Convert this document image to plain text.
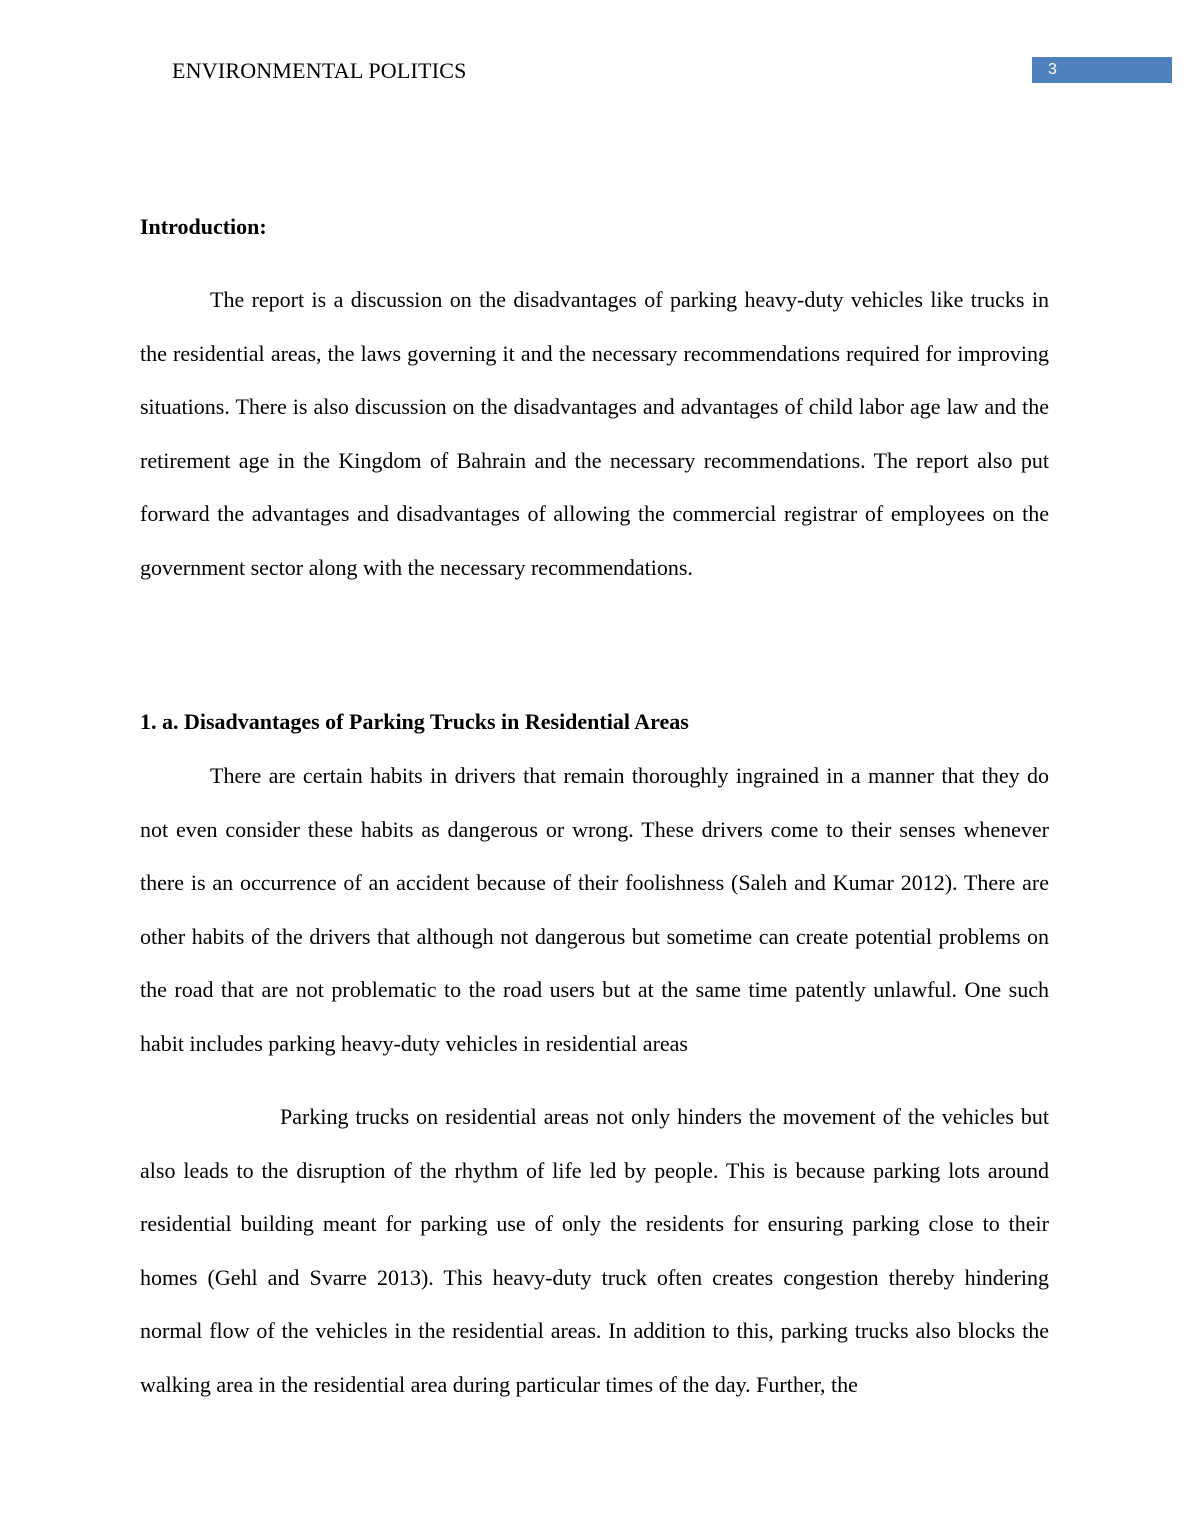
ENVIRONMENTAL POLITICS	3
Introduction:
The report is a discussion on the disadvantages of parking heavy-duty vehicles like trucks in the residential areas, the laws governing it and the necessary recommendations required for improving situations. There is also discussion on the disadvantages and advantages of child labor age law and the retirement age in the Kingdom of Bahrain and the necessary recommendations. The report also put forward the advantages and disadvantages of allowing the commercial registrar of employees on the government sector along with the necessary recommendations.
1. a. Disadvantages of Parking Trucks in Residential Areas
There are certain habits in drivers that remain thoroughly ingrained in a manner that they do not even consider these habits as dangerous or wrong. These drivers come to their senses whenever there is an occurrence of an accident because of their foolishness (Saleh and Kumar 2012). There are other habits of the drivers that although not dangerous but sometime can create potential problems on the road that are not problematic to the road users but at the same time patently unlawful. One such habit includes parking heavy-duty vehicles in residential areas
Parking trucks on residential areas not only hinders the movement of the vehicles but also leads to the disruption of the rhythm of life led by people. This is because parking lots around residential building meant for parking use of only the residents for ensuring parking close to their homes (Gehl and Svarre 2013). This heavy-duty truck often creates congestion thereby hindering normal flow of the vehicles in the residential areas. In addition to this, parking trucks also blocks the walking area in the residential area during particular times of the day. Further, the
